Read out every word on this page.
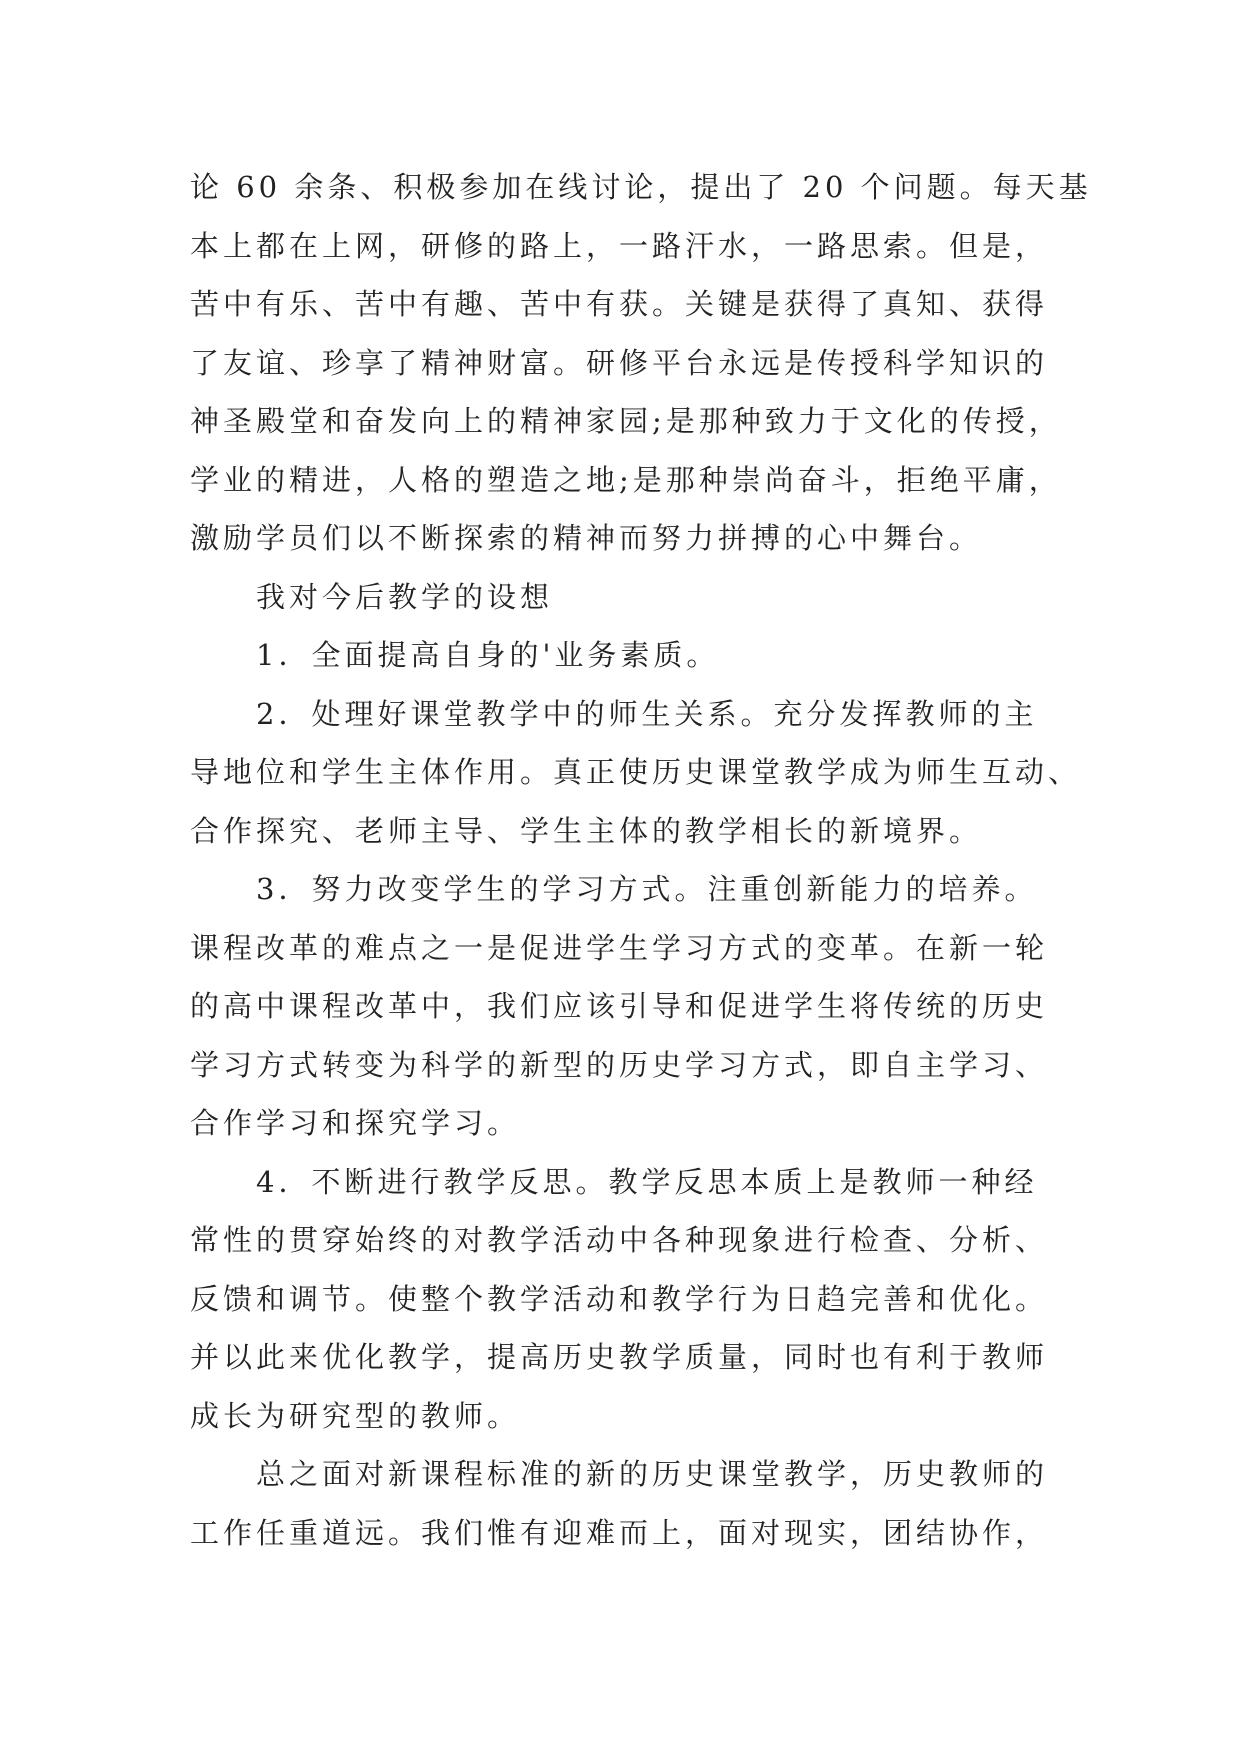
论 60 余条、积极参加在线讨论，提出了 20 个问题。每天基

本上都在上网，研修的路上，一路汗水，一路思索。但是，

苦中有乐、苦中有趣、苦中有获。关键是获得了真知、获得

了友谊、珍享了精神财富。研修平台永远是传授科学知识的

神圣殿堂和奋发向上的精神家园;是那种致力于文化的传授，

学业的精进，人格的塑造之地;是那种崇尚奋斗，拒绝平庸，

激励学员们以不断探索的精神而努力拼搏的心中舞台。

我对今后教学的设想

1．全面提高自身的'业务素质。

2．处理好课堂教学中的师生关系。充分发挥教师的主

导地位和学生主体作用。真正使历史课堂教学成为师生互动、

合作探究、老师主导、学生主体的教学相长的新境界。

3．努力改变学生的学习方式。注重创新能力的培养。

课程改革的难点之一是促进学生学习方式的变革。在新一轮

的高中课程改革中，我们应该引导和促进学生将传统的历史

学习方式转变为科学的新型的历史学习方式，即自主学习、

合作学习和探究学习。

4．不断进行教学反思。教学反思本质上是教师一种经

常性的贯穿始终的对教学活动中各种现象进行检查、分析、

反馈和调节。使整个教学活动和教学行为日趋完善和优化。

并以此来优化教学，提高历史教学质量，同时也有利于教师

成长为研究型的教师。

总之面对新课程标准的新的历史课堂教学，历史教师的

工作任重道远。我们惟有迎难而上，面对现实，团结协作，
